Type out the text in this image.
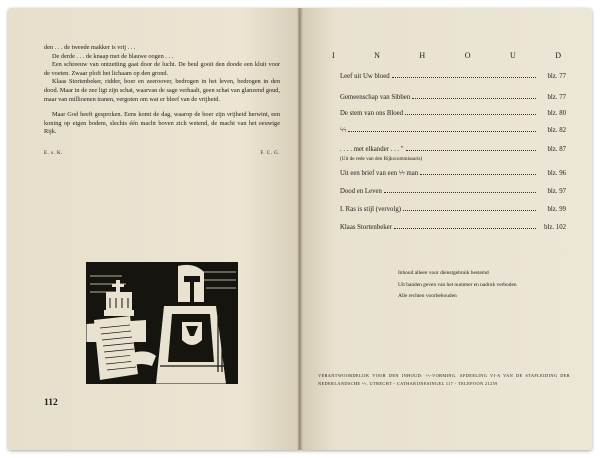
den . . . de tweede makker is vrij . . .

De derde . . . de knaap met de blauwe oogen . . .

Een schreeuw van ontzetting gaat door de lucht. De beul gooit den doode een kluit voor de voeten. Zwaar ploft het lichaam op den grond.

Klaas Stortenbeker, ridder, boer en zeeroover, bedrogen in het leven, bedrogen in den dood. Maar in de zee ligt zijn schat, waarvan de sage verhaalt, geen schat van glanzend goud, maar van millioenen tranen, vergoten om wat er bleef van de vrijheid.

Maar God heeft gesproken. Eens komt de dag, waarop de boer zijn vrijheid herwint, een koning op eigen bodem, slechts één macht boven zich wetend, de macht van het eeuwige Rijk.

E. s. K.	F. C. G.
112
I	N	H	O	U	D
Leef uit Uw bloed	blz. 77
Gemeenschap van Sibben	blz. 77
De stem van ons Bloed	blz. 80
ϟϟ	blz. 82
. . . . met elkander . . . "	blz. 87
(Uit de rede van den Rijkscommissaris)
Uit een brief van een ϟϟ man	blz. 96
Dood en Leven	blz. 97
I. Ras is stijl (vervolg)	blz. 99
Klaas Stortenbeker	blz. 102
Inhoud alleen voor dienstgebruik bestemd
Uit banden geven van het nummer en nadruk verboden
Alle rechten voorbehouden
VERANTWOORDELIJK VOOR DEN INHOUD: ϟϟ-VORMING, AFDEELING VI-A VAN DE STAFLEIDING DER NEDERLANDSCHE ϟϟ, UTRECHT - CATHARIJNESINGEL 117 - TELEFOON 21259
